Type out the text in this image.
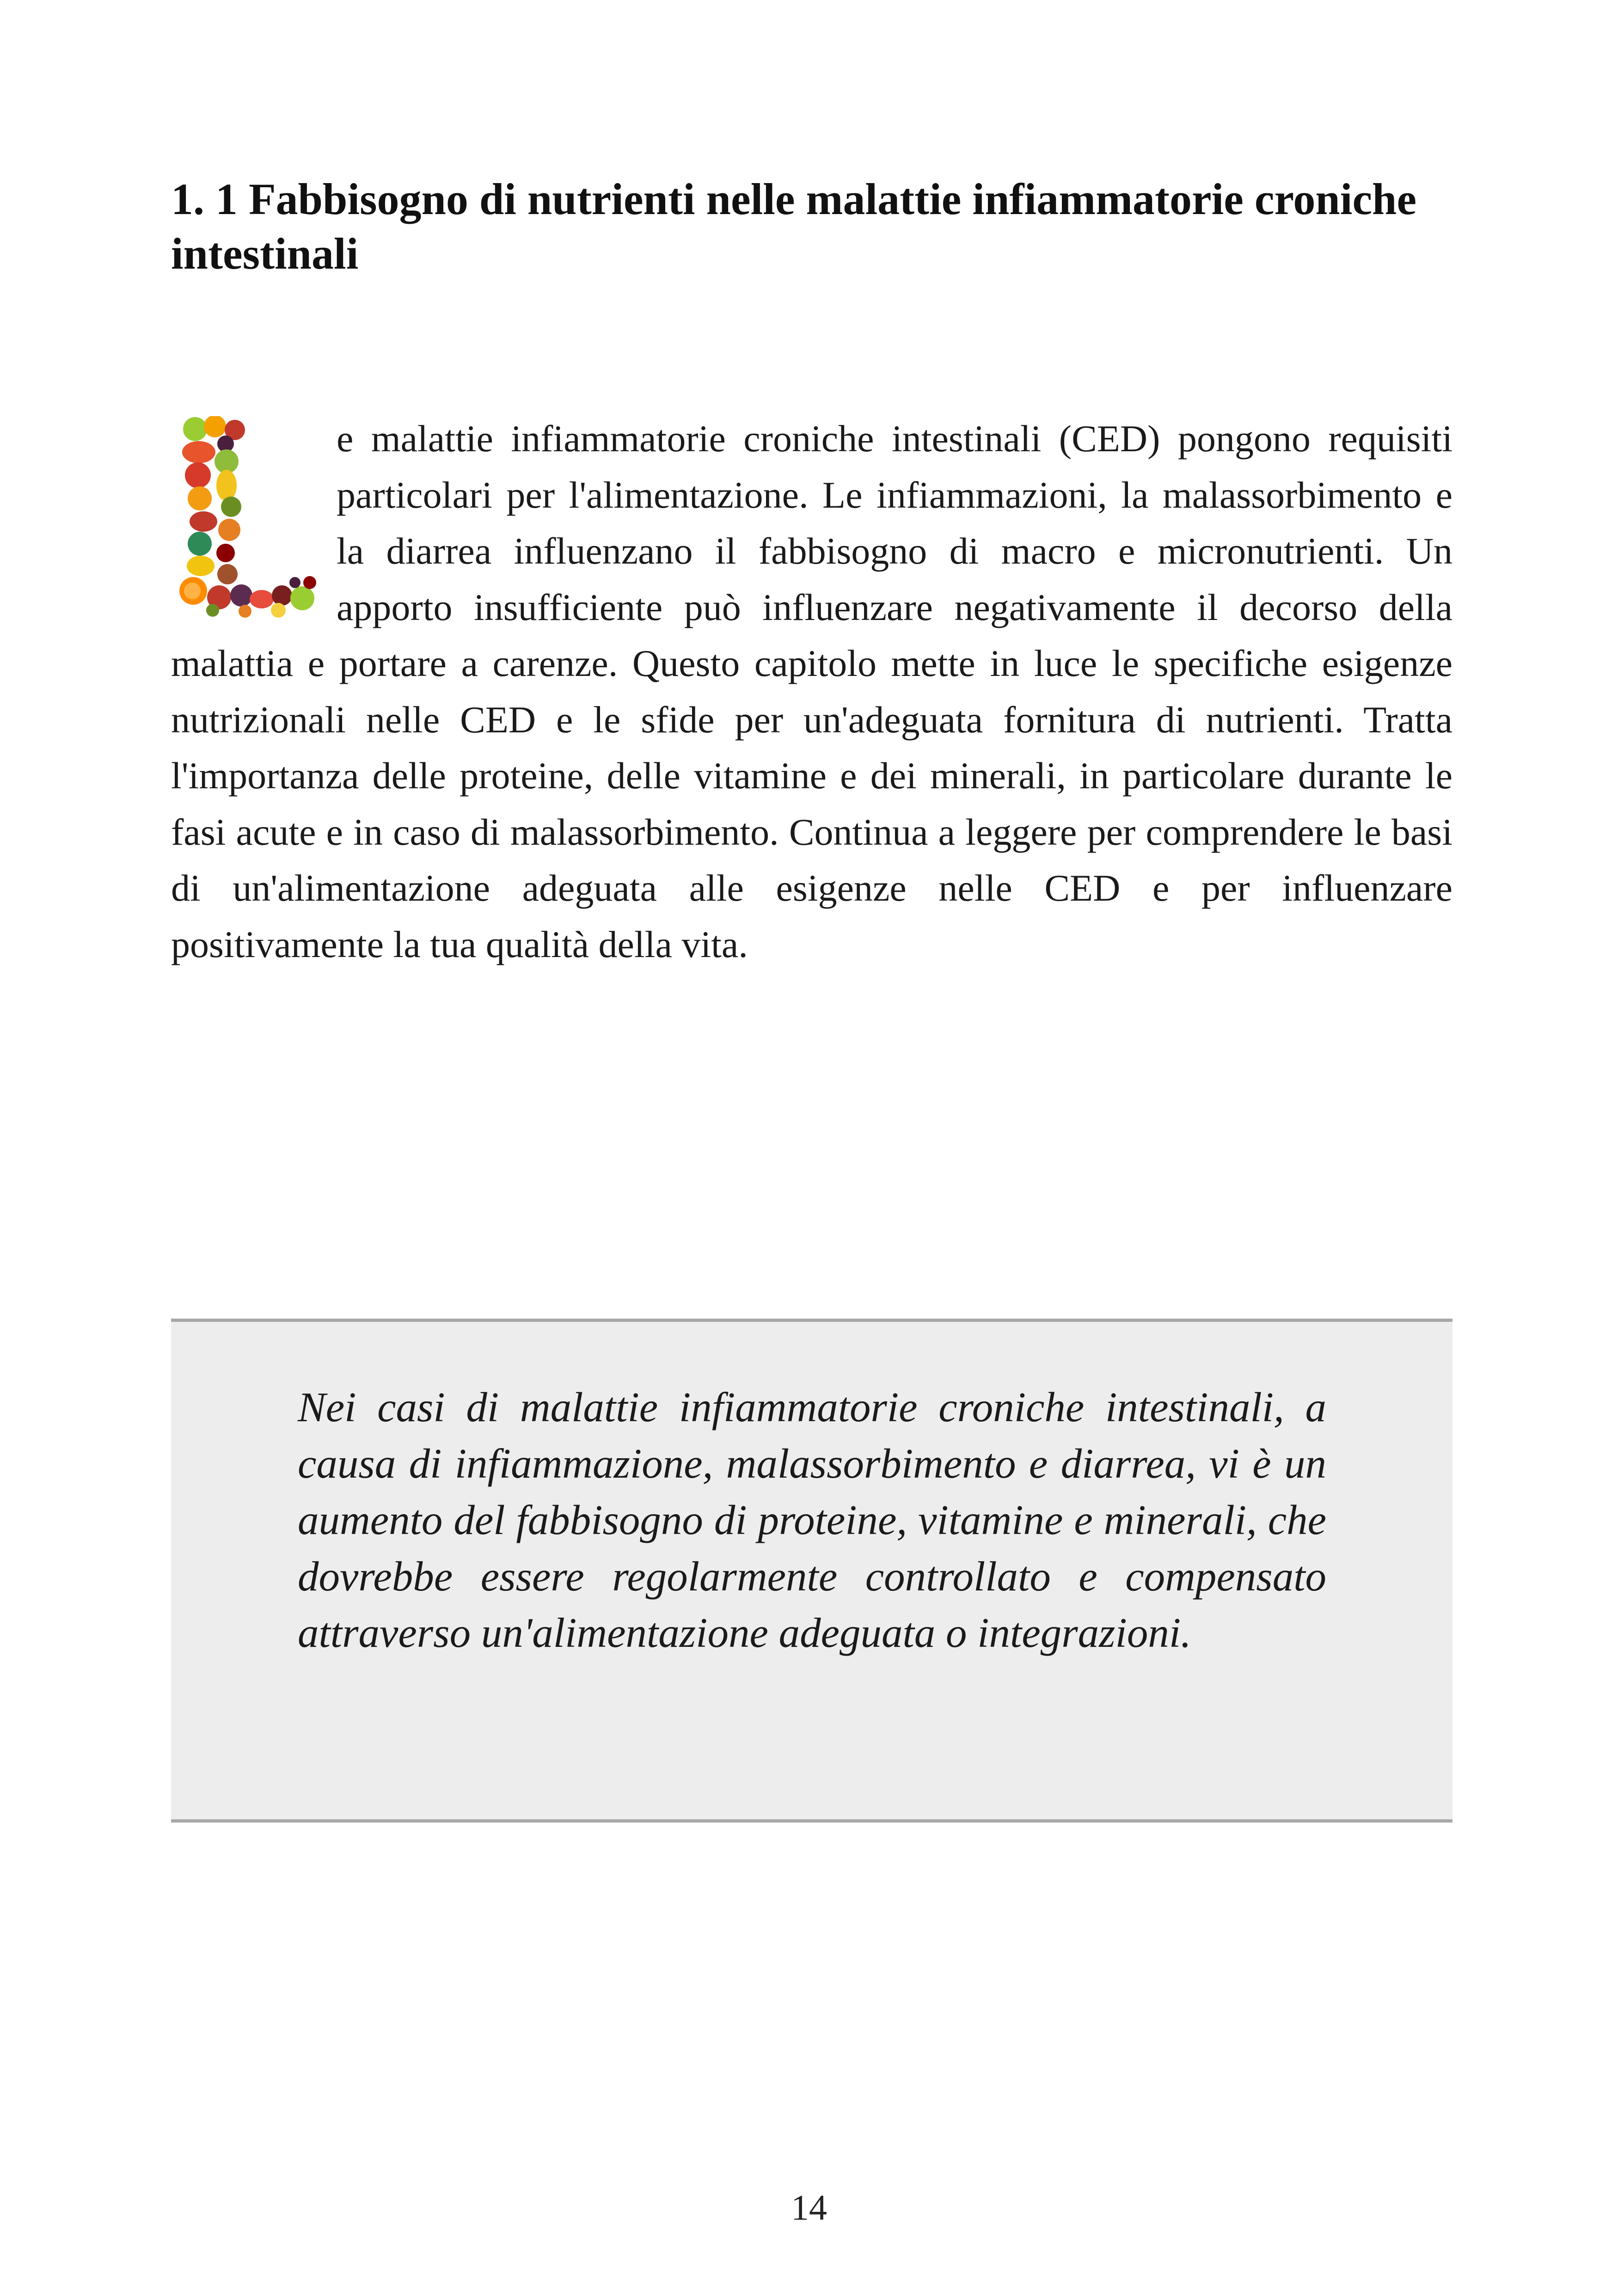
1. 1 Fabbisogno di nutrienti nelle malattie infiammatorie croniche intestinali

e malattie infiammatorie croniche intestinali (CED) pongono requisiti particolari per l'alimentazione. Le infiammazioni, la malassorbimento e la diarrea influenzano il fabbisogno di macro e micronutrienti. Un apporto insufficiente può influenzare negativamente il decorso della malattia e portare a carenze. Questo capitolo mette in luce le specifiche esigenze nutrizionali nelle CED e le sfide per un'adeguata fornitura di nutrienti. Tratta l'importanza delle proteine, delle vitamine e dei minerali, in particolare durante le fasi acute e in caso di malassorbimento. Continua a leggere per comprendere le basi di un'alimentazione adeguata alle esigenze nelle CED e per influenzare positivamente la tua qualità della vita.

Nei casi di malattie infiammatorie croniche intestinali, a causa di infiammazione, malassorbimento e diarrea, vi è un aumento del fabbisogno di proteine, vitamine e minerali, che dovrebbe essere regolarmente controllato e compensato attraverso un'alimentazione adeguata o integrazioni.

14
